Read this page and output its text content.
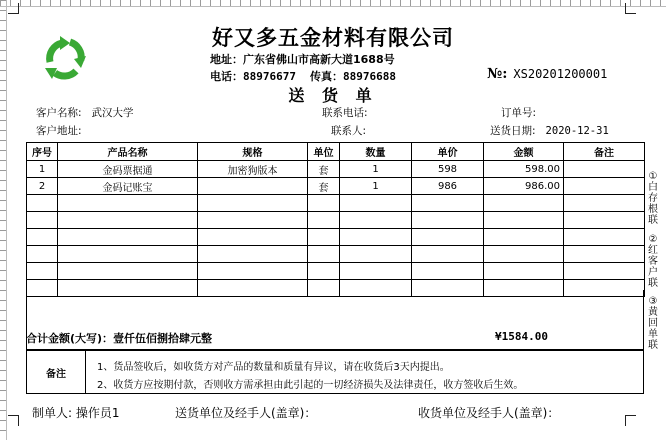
好又多五金材料有限公司
地址：广东省佛山市高新大道1688号
电话：88976677 传真：88976688	№: XS20201200001
送 货 单
客户名称: 武汉大学
客户地址:
联系电话:
联系人:
订单号:
送货日期: 2020-12-31
序号	产品名称	规格	单位	数量	单价	金额	备注
1	金码票据通	加密狗版本	套	1	598	598.00	
2	金码记账宝		套	1	986	986.00	

合计金额(大写)：壹仟伍佰捌拾肆元整	¥1584.00
备注
1、货品签收后，如收货方对产品的数量和质量有异议，请在收货后3天内提出。
2、收货方应按期付款，否则收方需承担由此引起的一切经济损失及法律责任，收方签收后生效。
制单人: 操作员1	送货单位及经手人(盖章)：	收货单位及经手人(盖章)：
①白存根联
②红客户联
③黄回单联
